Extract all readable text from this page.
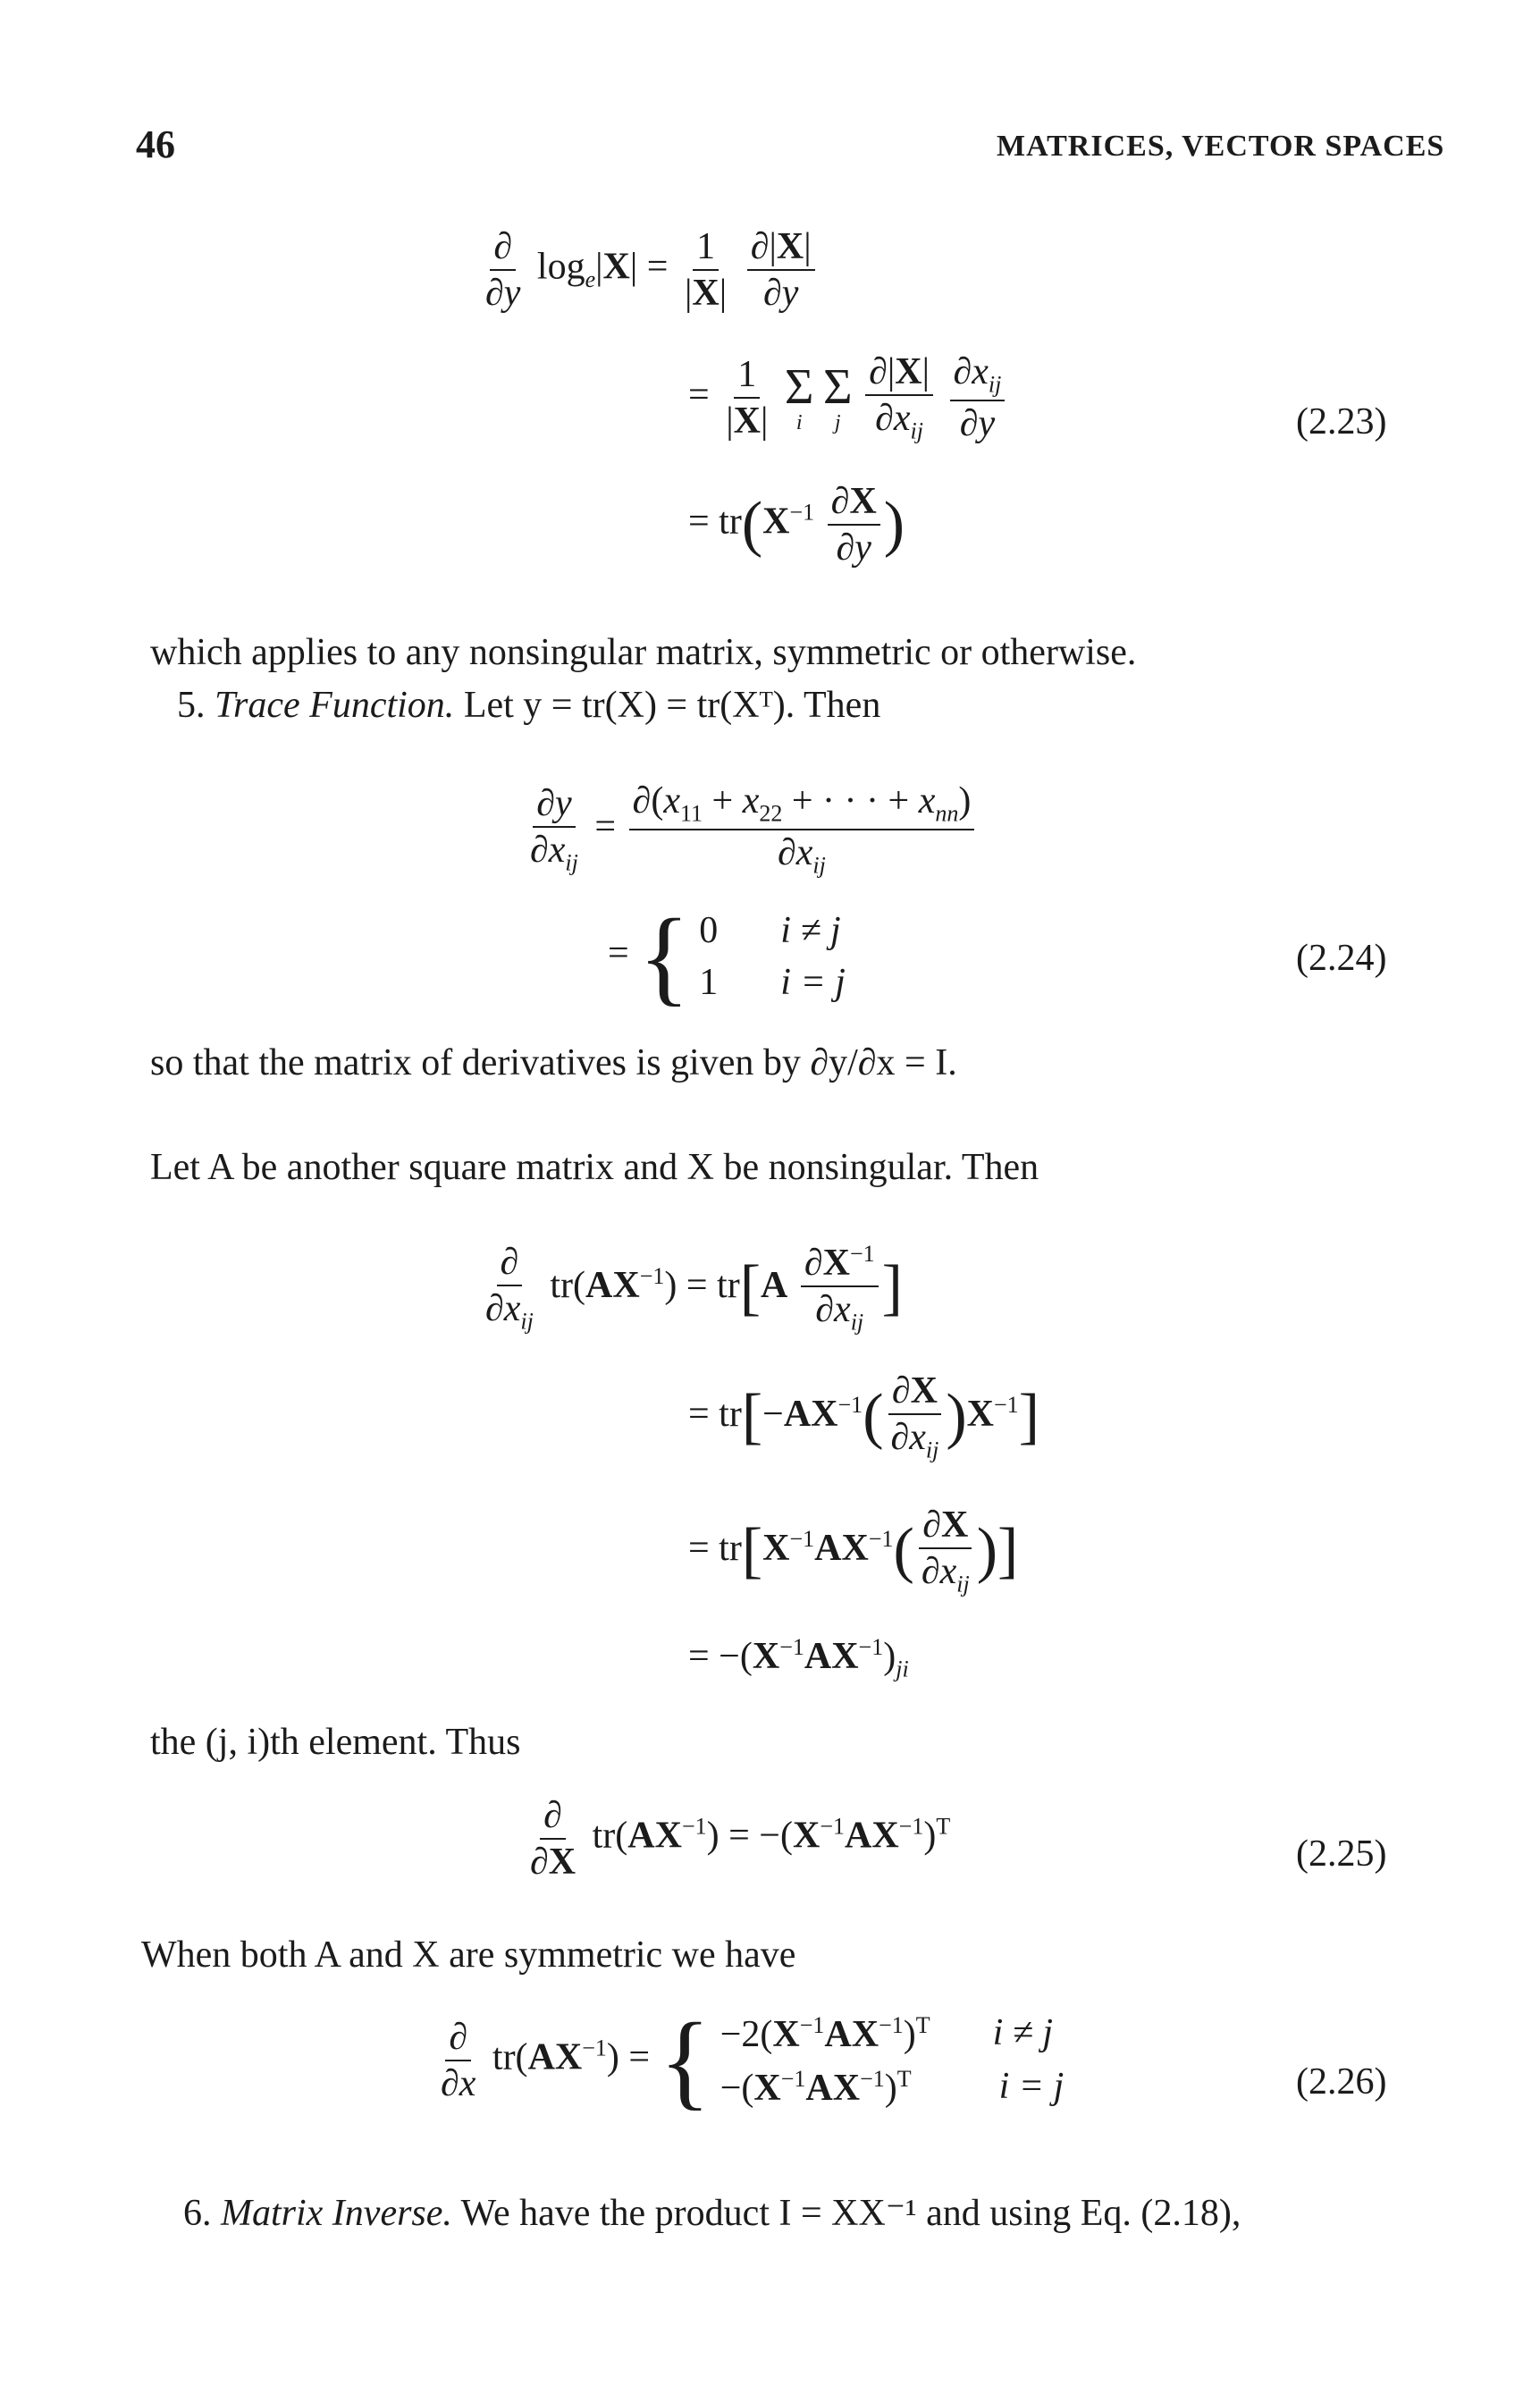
46	MATRICES, VECTOR SPACES
$\frac{\partial}{\partial y} \log_e|X| = \frac{1}{|X|}$
$\frac{\partial|X|}{\partial y}$
= $\frac{1}{|X|}$
Σ
i

Σ
j
$\frac{\partial|X|}{\partial x_{ij}}$
$\frac{\partial x_{ij}}{\partial y}$	(2.23)
= $tr(X^{-1} \frac{\partial X}{\partial y}$ )
which applies to any nonsingular matrix, symmetric or otherwise.
5. Trace Function. Let y = tr(X) = tr(Xᵀ). Then
$\frac{\partial y}{\partial x_{ij}} = \frac{\partial(x_{11} + x_{22} + \cdot \cdot \cdot + x_{nn})}{\partial x_{ij}}$
= { 0 i ≠ j
1 i = j
(2.24)
so that the matrix of derivatives is given by ∂y/∂x = I.
Let A be another square matrix and X be nonsingular. Then
$\frac{\partial}{\partial x_{ij}} tr(AX^{-1}) = tr[A \frac{\partial X^{-1}}{\partial x_{ij}}$ ]
= $tr[-AX^{-1}( \frac{\partial X}{\partial x_{ij}} )X^{-1}]$
= $tr[X^{-1}AX^{-1}( \frac{\partial X}{\partial x_{ij}}$ )]
= $-(X^{-1}AX^{-1})_{ji}$
the (j, i)th element. Thus
$\frac{\partial}{\partial X} tr(AX^{-1}) = -(X^{-1}AX^{-1})^T$
(2.25)
When both A and X are symmetric we have
$\frac{\partial}{\partial x} tr(AX^{-1})$ = { $-2(X^{-1}AX^{-1})^T$ i ≠ j
$-(X^{-1}AX^{-1})^T$ i = j	(2.26)
6. Matrix Inverse. We have the product I = XX⁻¹ and using Eq. (2.18),
